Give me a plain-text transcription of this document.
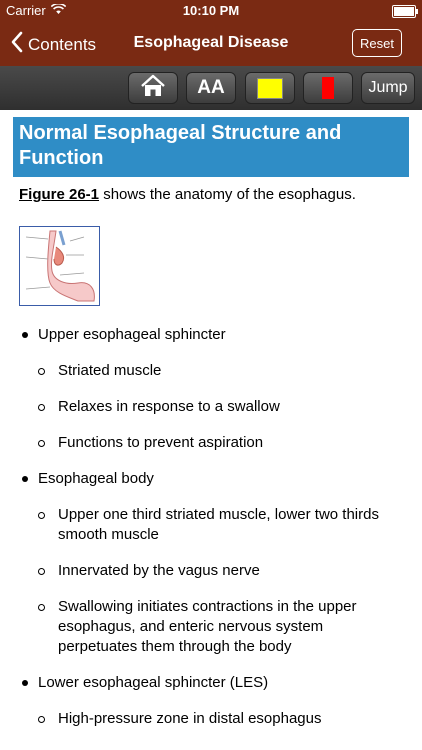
Carrier	10:10 PM
Contents	Esophageal Disease	Reset
AA	Jump
Normal Esophageal Structure and Function
Figure 26-1 shows the anatomy of the esophagus.
Upper esophageal sphincter
Striated muscle
Relaxes in response to a swallow
Functions to prevent aspiration
Esophageal body
Upper one third striated muscle, lower two thirds smooth muscle
Innervated by the vagus nerve
Swallowing initiates contractions in the upper esophagus, and enteric nervous system perpetuates them through the body
Lower esophageal sphincter (LES)
High-pressure zone in distal esophagus
